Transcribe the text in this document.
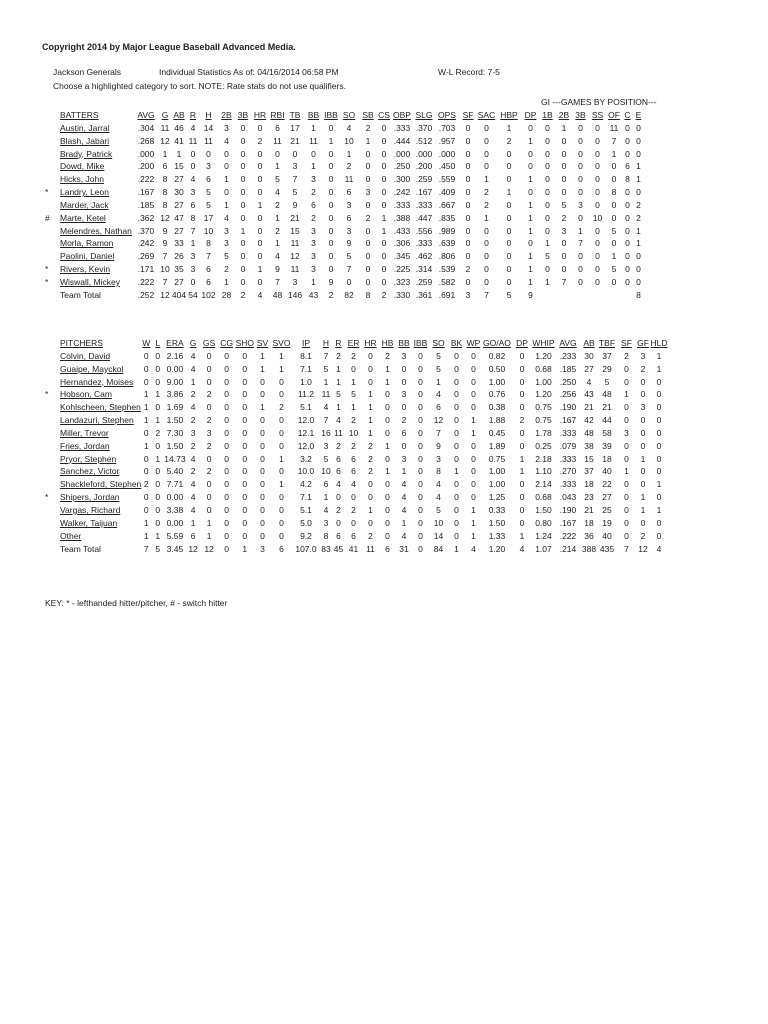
Copyright 2014 by Major League Baseball Advanced Media.
Jackson Generals	Individual Statistics As of: 04/16/2014 06:58 PM	W-L Record: 7-5
Choose a highlighted category to sort. NOTE: Rate stats do not use qualifiers.
GI ---GAMES BY POSITION---
	BATTERS	AVG	G	AB	R	H	2B	3B	HR	RBI	TB	BB	IBB	SO	SB	CS	OBP	SLG	OPS	SF	SAC	HBP	DP	1B	2B	3B	SS	OF	C	E
	Austin, Jarral	.304	11	46	4	14	3	0	0	6	17	1	0	4	2	0	.333	.370	.703	0	0	1	0	0	1	0	0	11	0	0
	Blash, Jabari	.268	12	41	11	11	4	0	2	11	21	11	1	10	1	0	.444	.512	.957	0	0	2	1	0	0	0	0	7	0	0
	Brady, Patrick	.000	1	1	0	0	0	0	0	0	0	0	0	1	0	0	.000	.000	.000	0	0	0	0	0	0	0	0	1	0	0
	Dowd, Mike	.200	6	15	0	3	0	0	0	1	3	1	0	2	0	0	.250	.200	.450	0	0	0	0	0	0	0	0	0	6	1
	Hicks, John	.222	8	27	4	6	1	0	0	5	7	3	0	11	0	0	.300	.259	.559	0	1	0	1	0	0	0	0	0	8	1
*	Landry, Leon	.167	8	30	3	5	0	0	0	4	5	2	0	6	3	0	.242	.167	.409	0	2	1	0	0	0	0	0	8	0	0
	Marder, Jack	.185	8	27	6	5	1	0	1	2	9	6	0	3	0	0	.333	.333	.667	0	2	0	1	0	5	3	0	0	0	2
#	Marte, Ketel	.362	12	47	8	17	4	0	0	1	21	2	0	6	2	1	.388	.447	.835	0	1	0	1	0	2	0	10	0	0	2
	Melendres, Nathan	.370	9	27	7	10	3	1	0	2	15	3	0	3	0	1	.433	.556	.989	0	0	0	1	0	3	1	0	5	0	1
	Morla, Ramon	.242	9	33	1	8	3	0	0	1	11	3	0	9	0	0	.306	.333	.639	0	0	0	0	1	0	7	0	0	0	1
	Paolini, Daniel	.269	7	26	3	7	5	0	0	4	12	3	0	5	0	0	.345	.462	.806	0	0	0	1	5	0	0	0	1	0	0
*	Rivers, Kevin	.171	10	35	3	6	2	0	1	9	11	3	0	7	0	0	.225	.314	.539	2	0	0	1	0	0	0	0	5	0	0
*	Wiswall, Mickey	.222	7	27	0	6	1	0	0	7	3	1	9	0	0	0	.323	.259	.582	0	0	0	1	1	7	0	0	0	0	0
	Team Total	.252	12	404	54	102	28	2	4	48	146	43	2	82	8	2	.330	.361	.691	3	7	5	9							8
	PITCHERS	W	L	ERA	G	GS	CG	SHO	SV	SVO	IP	H	R	ER	HR	HB	BB	IBB	SO	BK	WP	GO/AO	DP	WHIP	AVG	AB	TBF	SF	GF	HLD
	Colvin, David	0	0	2.16	4	0	0	0	1	1	8.1	7	2	2	0	2	3	0	5	0	0	0.82	0	1.20	.233	30	37	2	3	1
	Guaipe, Mayckol	0	0	0.00	4	0	0	0	1	1	7.1	5	1	0	0	1	0	0	5	0	0	0.50	0	0.68	.185	27	29	0	2	1
	Hernandez, Moises	0	0	9.00	1	0	0	0	0	0	1.0	1	1	1	0	1	0	0	1	0	0	1.00	0	1.00	.250	4	5	0	0	0
*	Hobson, Cam	1	1	3.86	2	2	0	0	0	0	11.2	11	5	5	1	0	3	0	4	0	0	0.76	0	1.20	.256	43	48	1	0	0
	Kohlscheen, Stephen	1	0	1.69	4	0	0	0	1	2	5.1	4	1	1	1	0	0	0	6	0	0	0.38	0	0.75	.190	21	21	0	3	0
	Landazuri, Stephen	1	1	1.50	2	2	0	0	0	0	12.0	7	4	2	1	0	2	0	12	0	1	1.88	2	0.75	.167	42	44	0	0	0
	Miller, Trevor	0	2	7.30	3	3	0	0	0	0	12.1	16	11	10	1	0	6	0	7	0	1	0.45	0	1.78	.333	48	58	3	0	0
	Fries, Jordan	1	0	1.50	2	2	0	0	0	0	12.0	3	2	2	2	1	0	0	9	0	0	1.89	0	0.25	.079	38	39	0	0	0
	Pryor, Stephen	0	1	14.73	4	0	0	0	0	1	3.2	5	6	6	2	0	3	0	3	0	0	0.75	1	2.18	.333	15	18	0	1	0
	Sanchez, Victor	0	0	5.40	2	2	0	0	0	0	10.0	10	6	6	2	1	1	0	8	1	0	1.00	1	1.10	.270	37	40	1	0	0
	Shackleford, Stephen	2	0	7.71	4	0	0	0	0	1	4.2	6	4	4	0	0	4	0	4	0	0	1.00	0	2.14	.333	18	22	0	0	1
*	Shipers, Jordan	0	0	0.00	4	0	0	0	0	0	7.1	1	0	0	0	0	4	0	4	0	0	1.25	0	0.68	.043	23	27	0	1	0
	Vargas, Richard	0	0	3.38	4	0	0	0	0	0	5.1	4	2	2	1	0	4	0	5	0	1	0.33	0	1.50	.190	21	25	0	1	1
	Walker, Taijuan	1	0	0.00	1	1	0	0	0	0	5.0	3	0	0	0	0	1	0	10	0	1	1.50	0	0.80	.167	18	19	0	0	0
	Other	1	1	5.59	6	1	0	0	0	0	9.2	8	6	6	2	0	4	0	14	0	1	1.33	1	1.24	.222	36	40	0	2	0
	Team Total	7	5	3.45	12	12	0	1	3	6	107.0	83	45	41	11	6	31	0	84	1	4	1.20	4	1.07	.214	388	435	7	12	4
KEY: * - lefthanded hitter/pitcher, # - switch hitter
